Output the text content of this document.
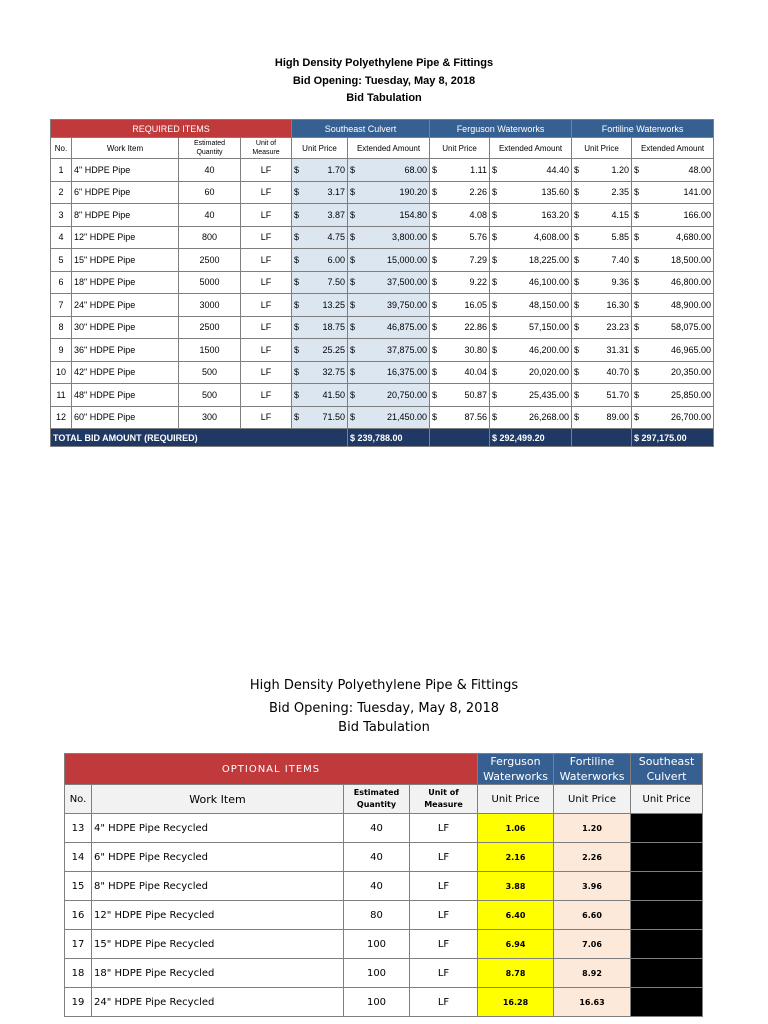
High Density Polyethylene Pipe & Fittings
Bid Opening: Tuesday, May 8, 2018
Bid Tabulation
REQUIRED ITEMS				Southeast Culvert		Ferguson Waterworks		Fortiline Waterworks	
No.	Work Item	Estimated Quantity	Unit of Measure	Unit Price	Extended Amount	Unit Price	Extended Amount	Unit Price	Extended Amount
1	4" HDPE Pipe	40	LF	$ 1.70	$ 68.00	$ 1.11	$ 44.40	$ 1.20	$ 48.00

2	6" HDPE Pipe	60	LF	$ 3.17	$ 190.20	$ 2.26	$ 135.60	$ 2.35	$ 141.00

3	8" HDPE Pipe	40	LF	$ 3.87	$ 154.80	$ 4.08	$ 163.20	$ 4.15	$ 166.00

4	12" HDPE Pipe	800	LF	$ 4.75	$ 3,800.00	$ 5.76	$ 4,608.00	$ 5.85	$ 4,680.00

5	15" HDPE Pipe	2500	LF	$ 6.00	$ 15,000.00	$ 7.29	$ 18,225.00	$ 7.40	$ 18,500.00

6	18" HDPE Pipe	5000	LF	$ 7.50	$ 37,500.00	$ 9.22	$ 46,100.00	$ 9.36	$ 46,800.00

7	24" HDPE Pipe	3000	LF	$ 13.25	$ 39,750.00	$ 16.05	$ 48,150.00	$ 16.30	$ 48,900.00

8	30" HDPE Pipe	2500	LF	$ 18.75	$ 46,875.00	$ 22.86	$ 57,150.00	$ 23.23	$ 58,075.00

9	36" HDPE Pipe	1500	LF	$ 25.25	$ 37,875.00	$ 30.80	$ 46,200.00	$ 31.31	$ 46,965.00

10	42" HDPE Pipe	500	LF	$ 32.75	$ 16,375.00	$ 40.04	$ 20,020.00	$ 40.70	$ 20,350.00

11	48" HDPE Pipe	500	LF	$ 41.50	$ 20,750.00	$ 50.87	$ 25,435.00	$ 51.70	$ 25,850.00

12	60" HDPE Pipe	300	LF	$ 71.50	$ 21,450.00	$ 87.56	$ 26,268.00	$ 89.00	$ 26,700.00

TOTAL BID AMOUNT (REQUIRED)					$ 239,788.00		$ 292,499.20		$ 297,175.00
High Density Polyethylene Pipe & Fittings
Bid Opening: Tuesday, May 8, 2018
Bid Tabulation
OPTIONAL ITEMS				Ferguson Waterworks	Fortiline Waterworks	Southeast Culvert
No.	Work Item	Estimated Quantity	Unit of Measure	Unit Price	Unit Price	Unit Price
13	4" HDPE Pipe Recycled	40	LF	1.06	1.20	
14	6" HDPE Pipe Recycled	40	LF	2.16	2.26	
15	8" HDPE Pipe Recycled	40	LF	3.88	3.96	
16	12" HDPE Pipe Recycled	80	LF	6.40	6.60	
17	15" HDPE Pipe Recycled	100	LF	6.94	7.06	
18	18" HDPE Pipe Recycled	100	LF	8.78	8.92	
19	24" HDPE Pipe Recycled	100	LF	16.28	16.63	
